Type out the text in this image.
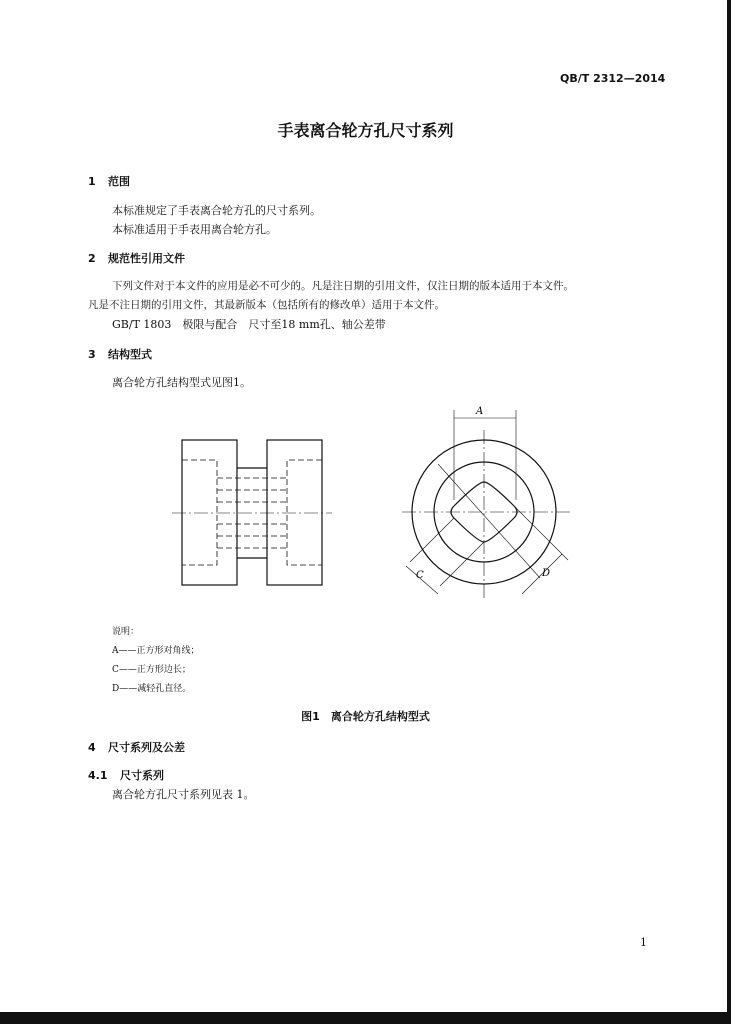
QB/T 2312—2014
手表离合轮方孔尺寸系列
1 范围
本标准规定了手表离合轮方孔的尺寸系列。
本标准适用于手表用离合轮方孔。
2 规范性引用文件
下列文件对于本文件的应用是必不可少的。凡是注日期的引用文件，仅注日期的版本适用于本文件。
凡是不注日期的引用文件，其最新版本（包括所有的修改单）适用于本文件。
GB/T 1803　极限与配合　尺寸至18 mm孔、轴公差带
3 结构型式
离合轮方孔结构型式见图1。
A
C	D
说明：
A——正方形对角线；
C——正方形边长；
D——减轻孔直径。
图1　离合轮方孔结构型式
4 尺寸系列及公差
4.1 尺寸系列
离合轮方孔尺寸系列见表 1。
1
